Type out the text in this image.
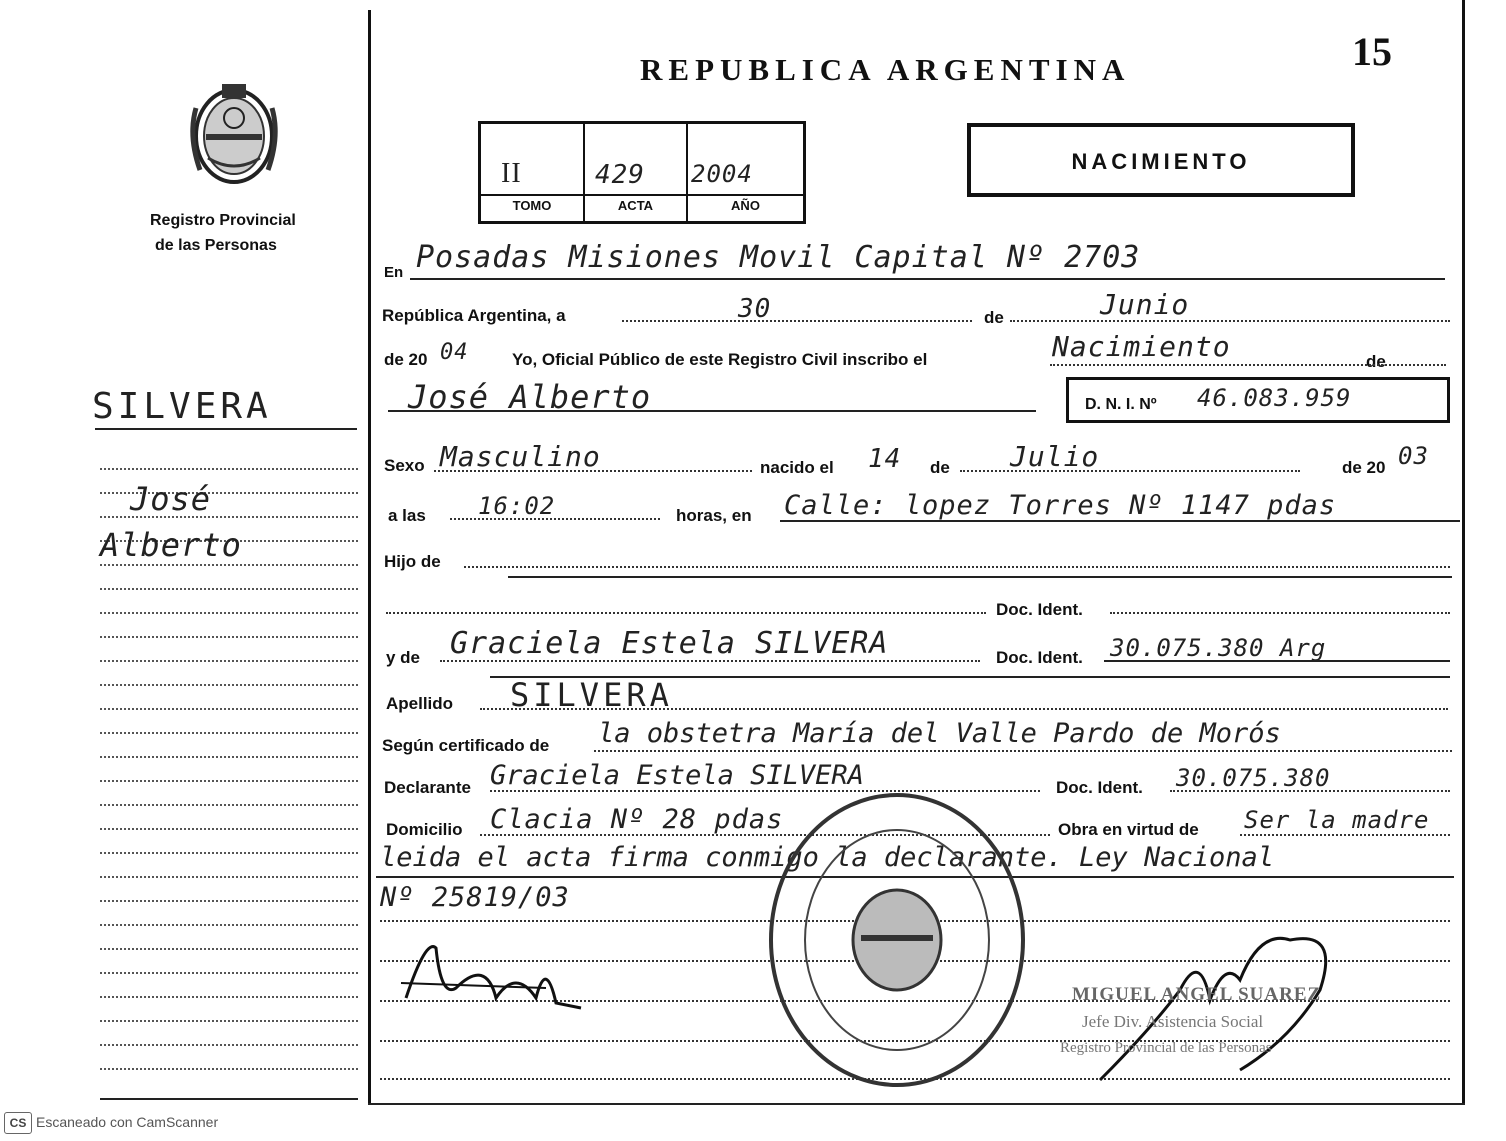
Registro Provincial
de las Personas
REPUBLICA ARGENTINA	15
II	429 2004
TOMO	ACTA	AÑO
NACIMIENTO
SILVERA
José
Alberto
En Posadas Misiones Movil Capital Nº 2703
República Argentina, a	30	de	Junio
de 20 04	Yo, Oficial Público de este Registro Civil inscribo el	Nacimiento	de
José Alberto	D. N. I. Nº 46.083.959
Sexo Masculino	nacido el 14 de Julio	de 20 03
a las 16:02	horas, en Calle: lopez Torres Nº 1147 pdas
Hijo de
Doc. Ident.
y de Graciela Estela SILVERA	Doc. Ident. 30.075.380 Arg
Apellido SILVERA
Según certificado de la obstetra María del Valle Pardo de Morós
Declarante Graciela Estela SILVERA	Doc. Ident. 30.075.380
Domicilio Clacia Nº 28 pdas	Obra en virtud de Ser la madre
leida el acta firma conmigo la declarante. Ley Nacional
Nº 25819/03
MIGUEL ANGEL SUAREZ
Jefe Div. Asistencia Social
Registro Provincial de las Personas
CS Escaneado con CamScanner
